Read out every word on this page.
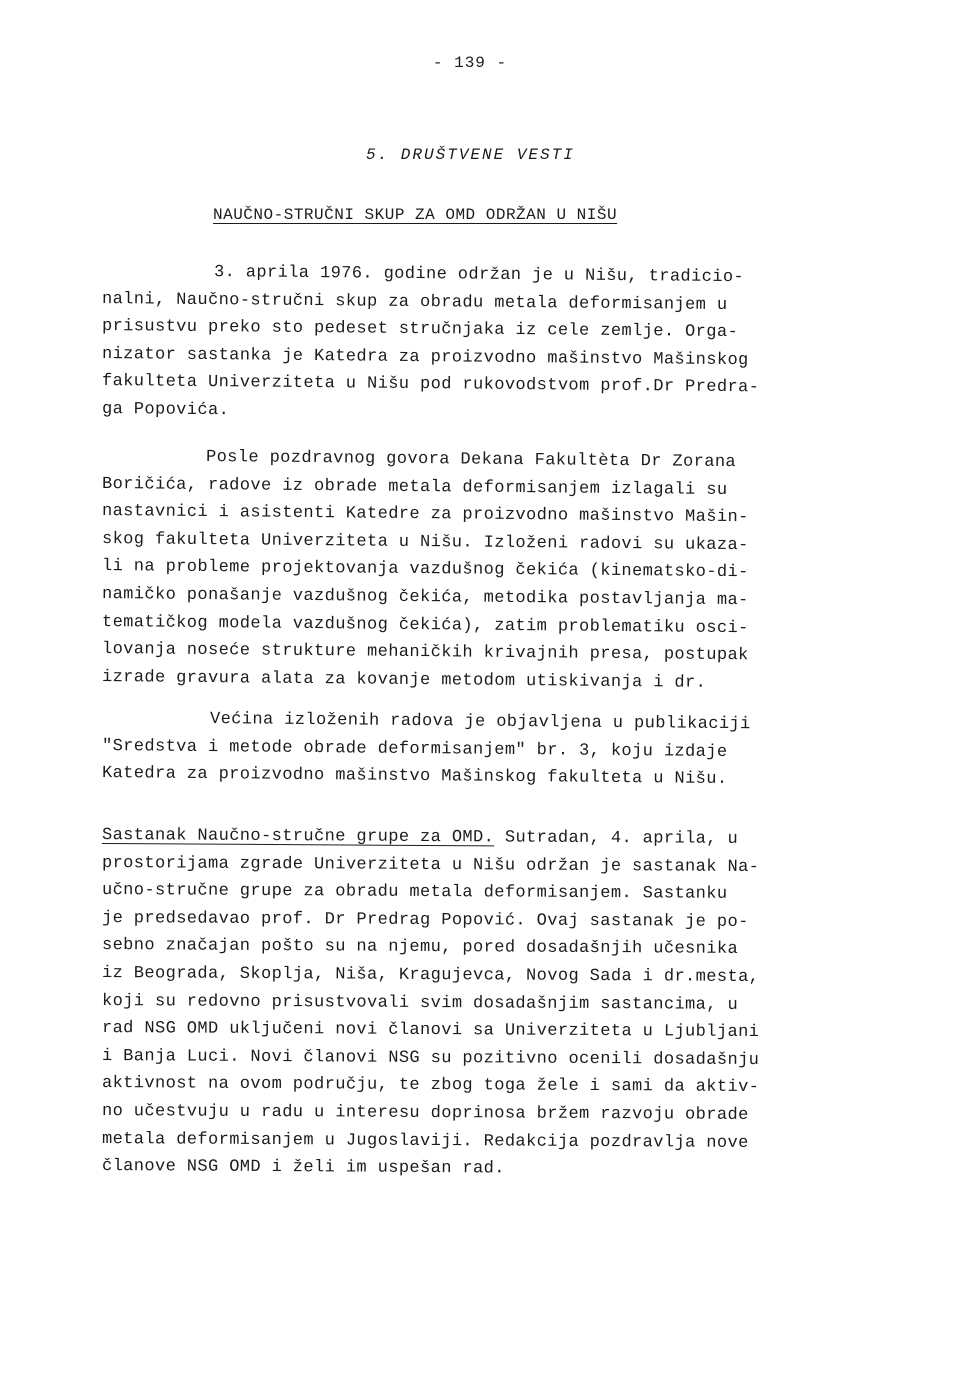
- 139 -
5. DRUŠTVENE VESTI
NAUČNO-STRUČNI SKUP ZA OMD ODRŽAN U NIŠU
3. aprila 1976. godine održan je u Nišu, tradicio-
nalni, Naučno-stručni skup za obradu metala deformisanjem u
prisustvu preko sto pedeset stručnjaka iz cele zemlje. Orga-
nizator sastanka je Katedra za proizvodno mašinstvo Mašinskog
fakulteta Univerziteta u Nišu pod rukovodstvom prof.Dr Predra-
ga Popovića.
Posle pozdravnog govora Dekana Fakultèta Dr Zorana
Boričića, radove iz obrade metala deformisanjem izlagali su
nastavnici i asistenti Katedre za proizvodno mašinstvo Mašin-
skog fakulteta Univerziteta u Nišu. Izloženi radovi su ukaza-
li na probleme projektovanja vazdušnog čekića (kinematsko-di-
namičko ponašanje vazdušnog čekića, metodika postavljanja ma-
tematičkog modela vazdušnog čekića), zatim problematiku osci-
lovanja noseće strukture mehaničkih krivajnih presa, postupak
izrade gravura alata za kovanje metodom utiskivanja i dr.
Većina izloženih radova je objavljena u publikaciji
"Sredstva i metode obrade deformisanjem" br. 3, koju izdaje
Katedra za proizvodno mašinstvo Mašinskog fakulteta u Nišu.
Sastanak Naučno-stručne grupe za OMD. Sutradan, 4. aprila, u
prostorijama zgrade Univerziteta u Nišu održan je sastanak Na-
učno-stručne grupe za obradu metala deformisanjem. Sastanku
je predsedavao prof. Dr Predrag Popović. Ovaj sastanak je po-
sebno značajan pošto su na njemu, pored dosadašnjih učesnika
iz Beograda, Skoplja, Niša, Kragujevca, Novog Sada i dr.mesta,
koji su redovno prisustvovali svim dosadašnjim sastancima, u
rad NSG OMD uključeni novi članovi sa Univerziteta u Ljubljani
i Banja Luci. Novi članovi NSG su pozitivno ocenili dosadašnju
aktivnost na ovom području, te zbog toga žele i sami da aktiv-
no učestvuju u radu u interesu doprinosa bržem razvoju obrade
metala deformisanjem u Jugoslaviji. Redakcija pozdravlja nove
članove NSG OMD i želi im uspešan rad.
